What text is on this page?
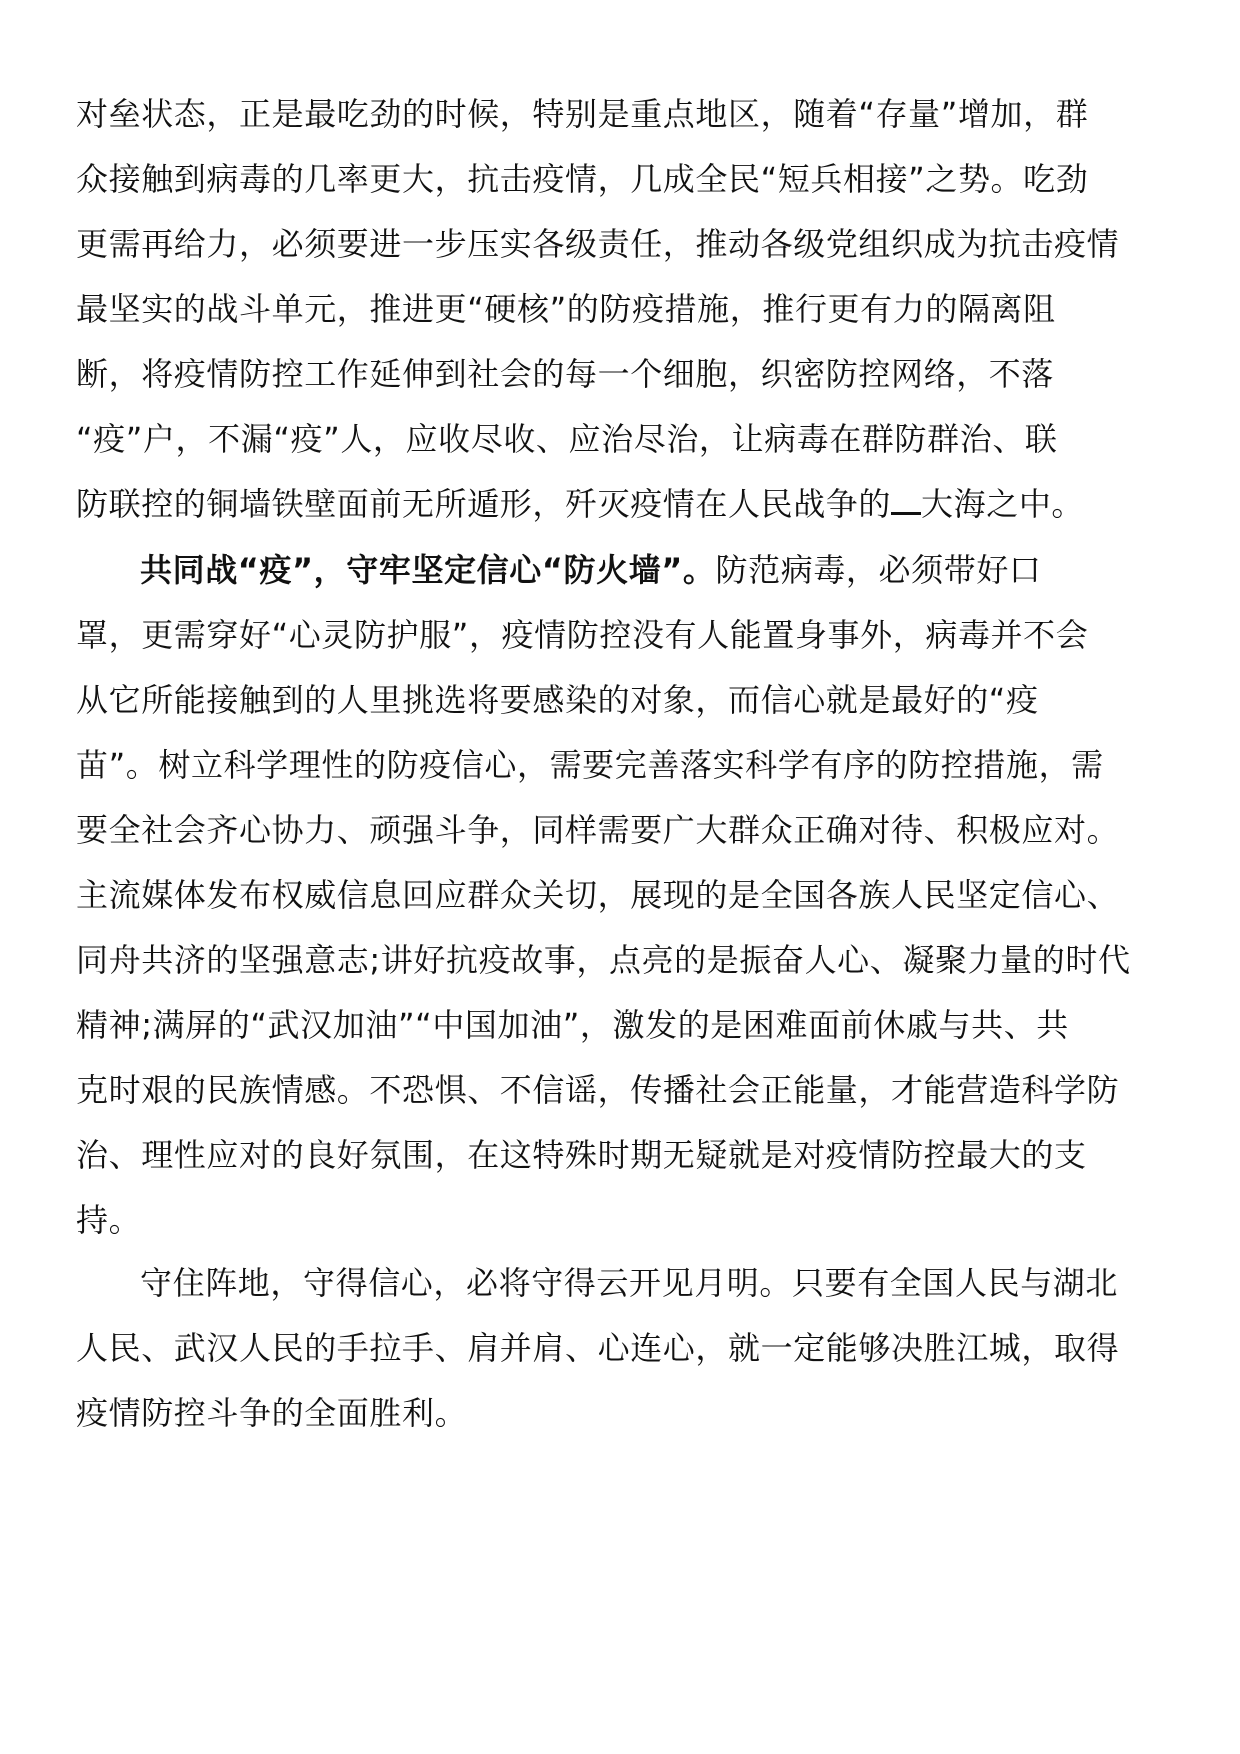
对垒状态，正是最吃劲的时候，特别是重点地区，随着“存量”增加，群
众接触到病毒的几率更大，抗击疫情，几成全民“短兵相接”之势。吃劲
更需再给力，必须要进一步压实各级责任，推动各级党组织成为抗击疫情
最坚实的战斗单元，推进更“硬核”的防疫措施，推行更有力的隔离阻
断，将疫情防控工作延伸到社会的每一个细胞，织密防控网络，不落
“疫”户，不漏“疫”人，应收尽收、应治尽治，让病毒在群防群治、联
防联控的铜墙铁壁面前无所遁形，歼灭疫情在人民战争的 大海之中。
共同战“疫”，守牢坚定信心“防火墙”。防范病毒，必须带好口
罩，更需穿好“心灵防护服”，疫情防控没有人能置身事外，病毒并不会
从它所能接触到的人里挑选将要感染的对象，而信心就是最好的“疫
苗”。树立科学理性的防疫信心，需要完善落实科学有序的防控措施，需
要全社会齐心协力、顽强斗争，同样需要广大群众正确对待、积极应对。
主流媒体发布权威信息回应群众关切，展现的是全国各族人民坚定信心、
同舟共济的坚强意志;讲好抗疫故事，点亮的是振奋人心、凝聚力量的时代
精神;满屏的“武汉加油”“中国加油”，激发的是困难面前休戚与共、共
克时艰的民族情感。不恐惧、不信谣，传播社会正能量，才能营造科学防
治、理性应对的良好氛围，在这特殊时期无疑就是对疫情防控最大的支
持。
守住阵地，守得信心，必将守得云开见月明。只要有全国人民与湖北
人民、武汉人民的手拉手、肩并肩、心连心，就一定能够决胜江城，取得
疫情防控斗争的全面胜利。
